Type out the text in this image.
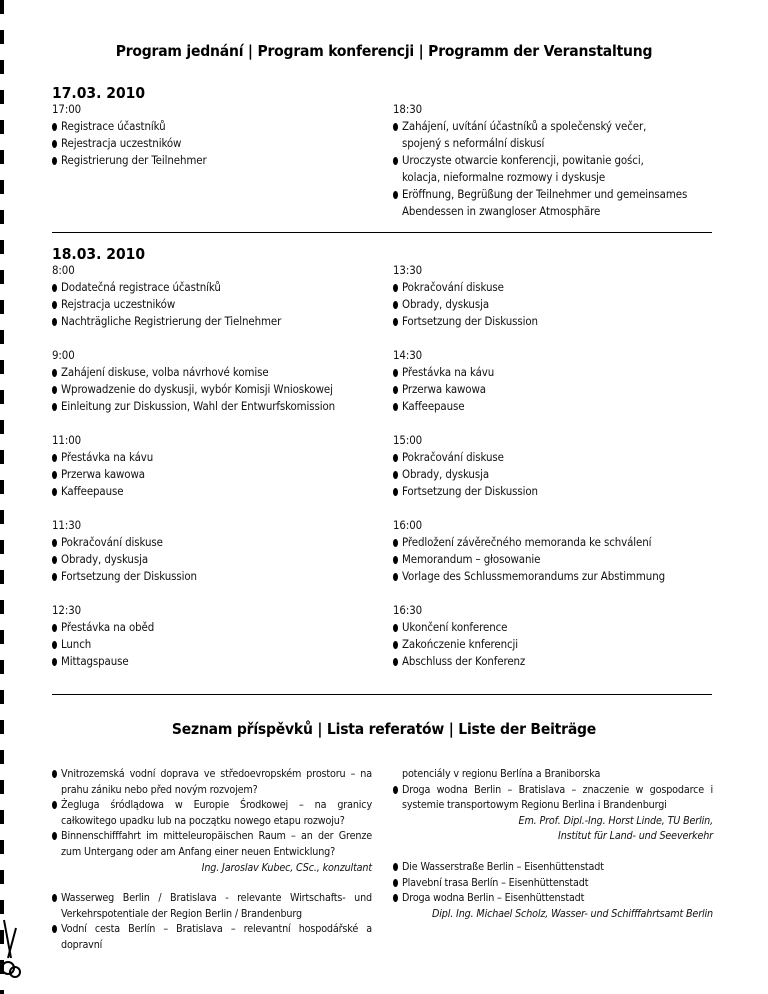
Program jednání | Program konferencji | Programm der Veranstaltung
17.03. 2010
17:00
Registrace účastníků
Rejestracja uczestników
Registrierung der Teilnehmer
18:30
Zahájení, uvítání účastníků a společenský večer,
spojený s neformální diskusí
Uroczyste otwarcie konferencji, powitanie gości,
kolacja, nieformalne rozmowy i dyskusje
Eröffnung, Begrüßung der Teilnehmer und gemeinsames
Abendessen in zwangloser Atmosphäre
18.03. 2010
8:00
Dodatečná registrace účastníků
Rejstracja uczestników
Nachträgliche Registrierung der Tielnehmer
9:00
Zahájení diskuse, volba návrhové komise
Wprowadzenie do dyskusji, wybór Komisji Wnioskowej
Einleitung zur Diskussion, Wahl der Entwurfskomission
11:00
Přestávka na kávu
Przerwa kawowa
Kaffeepause
11:30
Pokračování diskuse
Obrady, dyskusja
Fortsetzung der Diskussion
12:30
Přestávka na oběd
Lunch
Mittagspause
13:30
Pokračování diskuse
Obrady, dyskusja
Fortsetzung der Diskussion
14:30
Přestávka na kávu
Przerwa kawowa
Kaffeepause
15:00
Pokračování diskuse
Obrady, dyskusja
Fortsetzung der Diskussion
16:00
Předložení závěrečného memoranda ke schválení
Memorandum – głosowanie
Vorlage des Schlussmemorandums zur Abstimmung
16:30
Ukončení konference
Zakończenie knferencji
Abschluss der Konferenz
Seznam příspěvků | Lista referatów | Liste der Beiträge
Vnitrozemská vodní doprava ve středoevropském prostoru – na prahu zániku nebo před novým rozvojem?
Żegluga śródlądowa w Europie Środkowej – na granicy całkowitego upadku lub na początku nowego etapu rozwoju?
Binnenschifffahrt im mitteleuropäischen Raum – an der Grenze zum Untergang oder am Anfang einer neuen Entwicklung?
Ing. Jaroslav Kubec, CSc., konzultant
Wasserweg Berlin / Bratislava - relevante Wirtschafts- und Verkehrspotentiale der Region Berlin / Brandenburg
Vodní cesta Berlín – Bratislava – relevantní hospodářské a dopravní
potenciály v regionu Berlína a Braniborska
Droga wodna Berlin – Bratislava – znaczenie w gospodarce i systemie transportowym Regionu Berlina i Brandenburgi
Em. Prof. Dipl.-Ing. Horst Linde, TU Berlin,
Institut für Land- und Seeverkehr
Die Wasserstraße Berlin – Eisenhüttenstadt
Plavební trasa Berlín – Eisenhüttenstadt
Droga wodna Berlin – Eisenhüttenstadt
Dipl. Ing. Michael Scholz, Wasser- und Schifffahrtsamt Berlin
